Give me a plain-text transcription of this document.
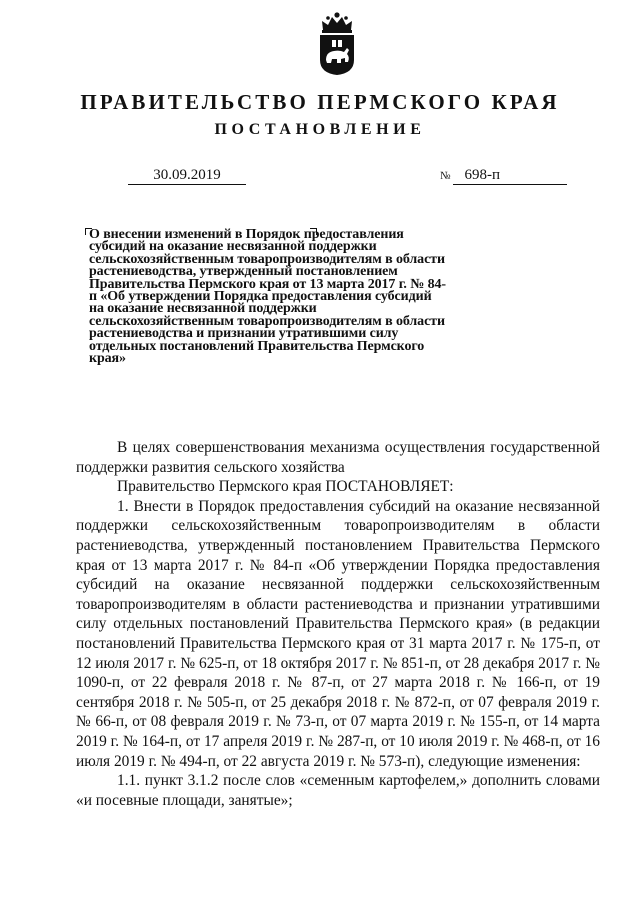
ПРАВИТЕЛЬСТВО ПЕРМСКОГО КРАЯ
ПОСТАНОВЛЕНИЕ
30.09.2019	№ 698-п
О внесении изменений в Порядок предоставления субсидий на оказание несвязанной поддержки сельскохозяйственным товаропроизводителям в области растениеводства, утвержденный постановлением Правительства Пермского края от 13 марта 2017 г. № 84-п «Об утверждении Порядка предоставления субсидий на оказание несвязанной поддержки сельскохозяйственным товаропроизводителям в области растениеводства и признании утратившими силу отдельных постановлений Правительства Пермского края»

В целях совершенствования механизма осуществления государственной поддержки развития сельского хозяйства

Правительство Пермского края ПОСТАНОВЛЯЕТ:

1. Внести в Порядок предоставления субсидий на оказание несвязанной поддержки сельскохозяйственным товаропроизводителям в области растениеводства, утвержденный постановлением Правительства Пермского края от 13 марта 2017 г. № 84-п «Об утверждении Порядка предоставления субсидий на оказание несвязанной поддержки сельскохозяйственным товаропроизводителям в области растениеводства и признании утратившими силу отдельных постановлений Правительства Пермского края» (в редакции постановлений Правительства Пермского края от 31 марта 2017 г. № 175-п, от 12 июля 2017 г. № 625-п, от 18 октября 2017 г. № 851-п, от 28 декабря 2017 г. № 1090-п, от 22 февраля 2018 г. № 87-п, от 27 марта 2018 г. № 166-п, от 19 сентября 2018 г. № 505-п, от 25 декабря 2018 г. № 872-п, от 07 февраля 2019 г. № 66-п, от 08 февраля 2019 г. № 73-п, от 07 марта 2019 г. № 155-п, от 14 марта 2019 г. № 164-п, от 17 апреля 2019 г. № 287-п, от 10 июля 2019 г. № 468-п, от 16 июля 2019 г. № 494-п, от 22 августа 2019 г. № 573-п), следующие изменения:

1.1. пункт 3.1.2 после слов «семенным картофелем,» дополнить словами «и посевные площади, занятые»;
